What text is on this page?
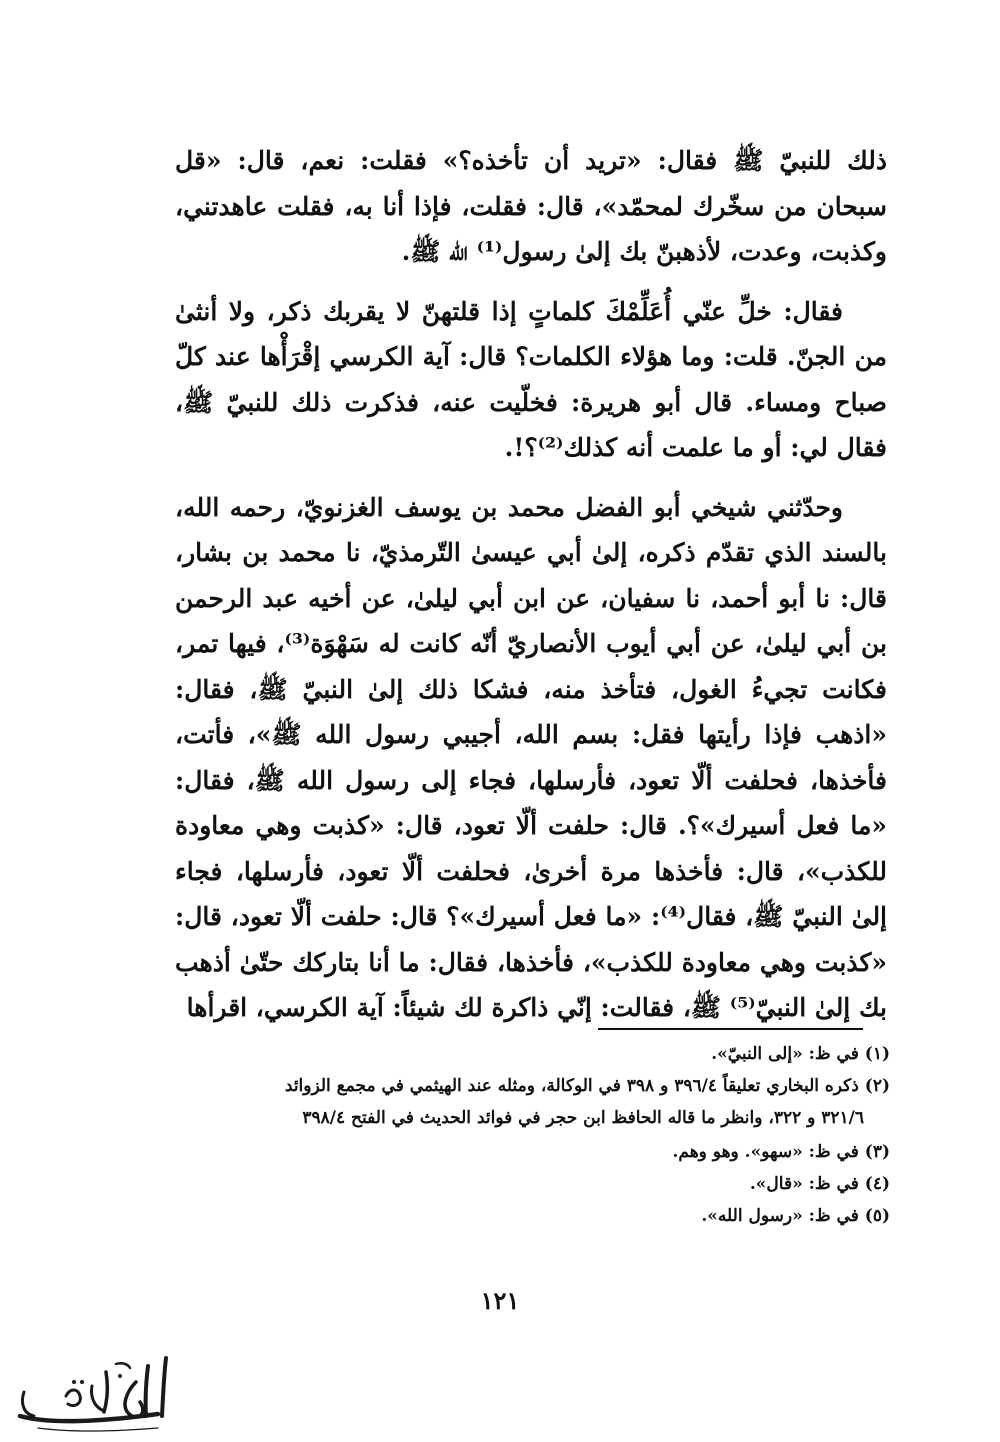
ذلك للنبيّ ﷺ فقال: «تريد أن تأخذه؟» فقلت: نعم، قال: «قل سبحان من سخّرك لمحمّد»، قال: فقلت، فإذا أنا به، فقلت عاهدتني، وكذبت، وعدت، لأذهبنّ بك إلىٰ رسول⁽¹⁾ الله ﷺ.

فقال: خلِّ عنّي أُعَلِّمْكَ كلماتٍ إذا قلتهنّ لا يقربك ذكر، ولا أنثىٰ من الجنّ. قلت: وما هؤلاء الكلمات؟ قال: آية الكرسي إقْرَأْها عند كلّ صباح ومساء. قال أبو هريرة: فخلّيت عنه، فذكرت ذلك للنبيّ ﷺ، فقال لي: أو ما علمت أنه كذلك⁽²⁾؟!.

وحدّثني شيخي أبو الفضل محمد بن يوسف الغزنويّ، رحمه الله، بالسند الذي تقدّم ذكره، إلىٰ أبي عيسىٰ التّرمذيّ، نا محمد بن بشار، قال: نا أبو أحمد، نا سفيان، عن ابن أبي ليلىٰ، عن أخيه عبد الرحمن بن أبي ليلىٰ، عن أبي أيوب الأنصاريّ أنّه كانت له سَهْوَة⁽³⁾، فيها تمر، فكانت تجيءُ الغول، فتأخذ منه، فشكا ذلك إلىٰ النبيّ ﷺ، فقال: «اذهب فإذا رأيتها فقل: بسم الله، أجيبي رسول الله ﷺ»، فأتت، فأخذها، فحلفت ألّا تعود، فأرسلها، فجاء إلى رسول الله ﷺ، فقال: «ما فعل أسيرك»؟. قال: حلفت ألّا تعود، قال: «كذبت وهي معاودة للكذب»، قال: فأخذها مرة أخرىٰ، فحلفت ألّا تعود، فأرسلها، فجاء إلىٰ النبيّ ﷺ، فقال⁽⁴⁾: «ما فعل أسيرك»؟ قال: حلفت ألّا تعود، قال: «كذبت وهي معاودة للكذب»، فأخذها، فقال: ما أنا بتاركك حتّىٰ أذهب بك إلىٰ النبيّ⁽⁵⁾ ﷺ، فقالت: إنّي ذاكرة لك شيئاً: آية الكرسي، اقرأها

(١) في ظ: «إلى النبيّ».

(٢) ذكره البخاري تعليقاً ٣٩٦/٤ و ٣٩٨ في الوكالة، ومثله عند الهيثمي في مجمع الزوائد

٣٢١/٦ و ٣٢٢، وانظر ما قاله الحافظ ابن حجر في فوائد الحديث في الفتح ٣٩٨/٤

(٣) في ظ: «سهو». وهو وهم.

(٤) في ظ: «قال».

(٥) في ظ: «رسول الله».

١٢١
